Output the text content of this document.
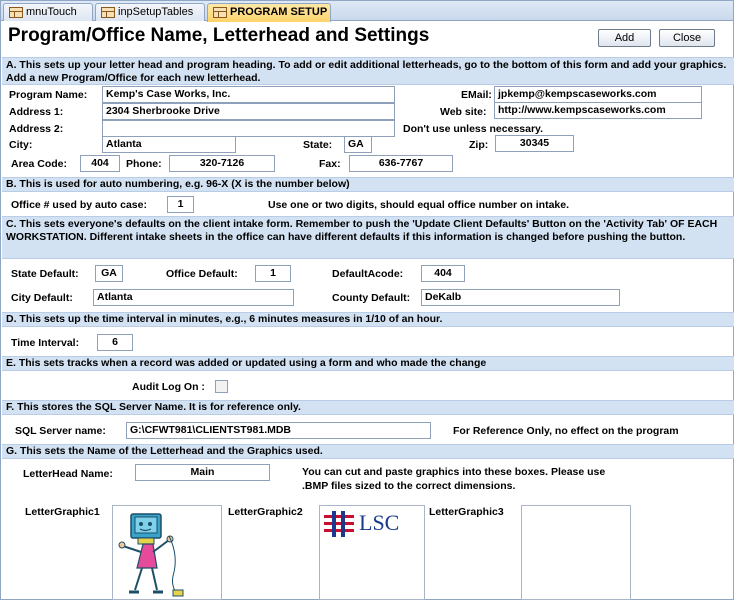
mnuTouch	inpSetupTables	PROGRAM SETUP
Program/Office Name, Letterhead and Settings	Add	Close
A. This sets up your letter head and program heading. To add or edit additional letterheads, go to the bottom of this form and add your graphics. Add a new Program/Office for each new letterhead.
Program Name:	Kemp's Case Works, Inc.
Address 1:	2304 Sherbrooke Drive
Address 2:
City:	Atlanta	State:	GA	Zip:	30345
EMail: jpkemp@kempscaseworks.com
Web site:	http://www.kempscaseworks.com
Don't use unless necessary.
Area Code:	404	Phone:	320-7126	Fax:	636-7767
B. This is used for auto numbering, e.g. 96-X (X is the number below)
Office # used by auto case:	1	Use one or two digits, should equal office number on intake.
C. This sets everyone's defaults on the client intake form. Remember to push the 'Update Client Defaults' Button on the 'Activity Tab' OF EACH WORKSTATION. Different intake sheets in the office can have different defaults if this information is changed before pushing the button.
State Default:	GA	Office Default:	1	DefaultAcode:	404
City Default:	Atlanta	County Default:	DeKalb
D. This sets up the time interval in minutes, e.g., 6 minutes measures in 1/10 of an hour.
Time Interval:	6
E. This sets tracks when a record was added or updated using a form and who made the change
Audit Log On :
F. This stores the SQL Server Name. It is for reference only.
SQL Server name:	G:\CFWT981\CLIENTST981.MDB	For Reference Only, no effect on the program
G. This sets the Name of the Letterhead and the Graphics used.
LetterHead Name:	Main	You can cut and paste graphics into these boxes. Please use
.BMP files sized to the correct dimensions.
LetterGraphic1	LetterGraphic2	LSC	LetterGraphic3
